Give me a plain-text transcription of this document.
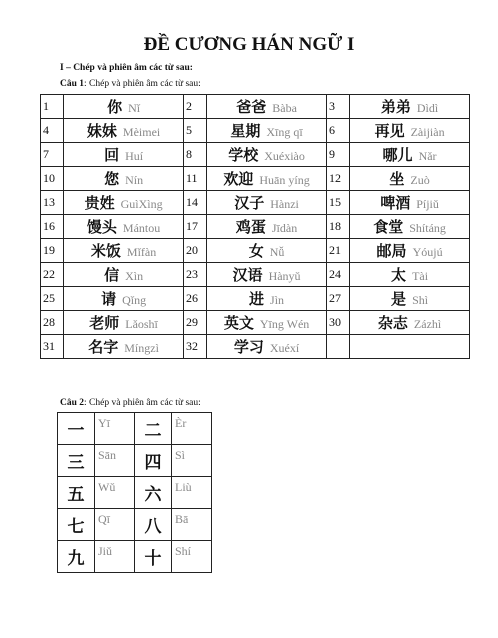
ĐỀ CƯƠNG HÁN NGỮ I
I – Chép và phiên âm các từ sau:
Câu 1: Chép và phiên âm các từ sau:
1	你 Nǐ	2	爸爸 Bàba	3	弟弟 Dìdì
4	妹妹 Mèimei	5	星期 Xīng qī	6	再见 Zàijiàn
7	回 Huí	8	学校 Xuéxiào	9	哪儿 Nǎr
10	您 Nín	11	欢迎 Huān yíng	12	坐 Zuò
13	贵姓 GuìXìng	14	汉子 Hànzi	15	啤酒 Píjiǔ
16	馒头 Mántou	17	鸡蛋 Jīdàn	18	食堂 Shítáng
19	米饭 Mǐfàn	20	女 Nǚ	21	邮局 Yóujú
22	信 Xìn	23	汉语 Hànyǔ	24	太 Tài
25	请 Qǐng	26	进 Jìn	27	是 Shì
28	老师 Lǎoshī	29	英文 Yīng Wén	30	杂志 Zázhì
31	名字 Míngzì	32	学习 Xuéxí		
Câu 2: Chép và phiên âm các từ sau:
一	Yī	二	Èr
三	Sān	四	Sì
五	Wǔ	六	Liù
七	Qī	八	Bā
九	Jiǔ	十	Shí
